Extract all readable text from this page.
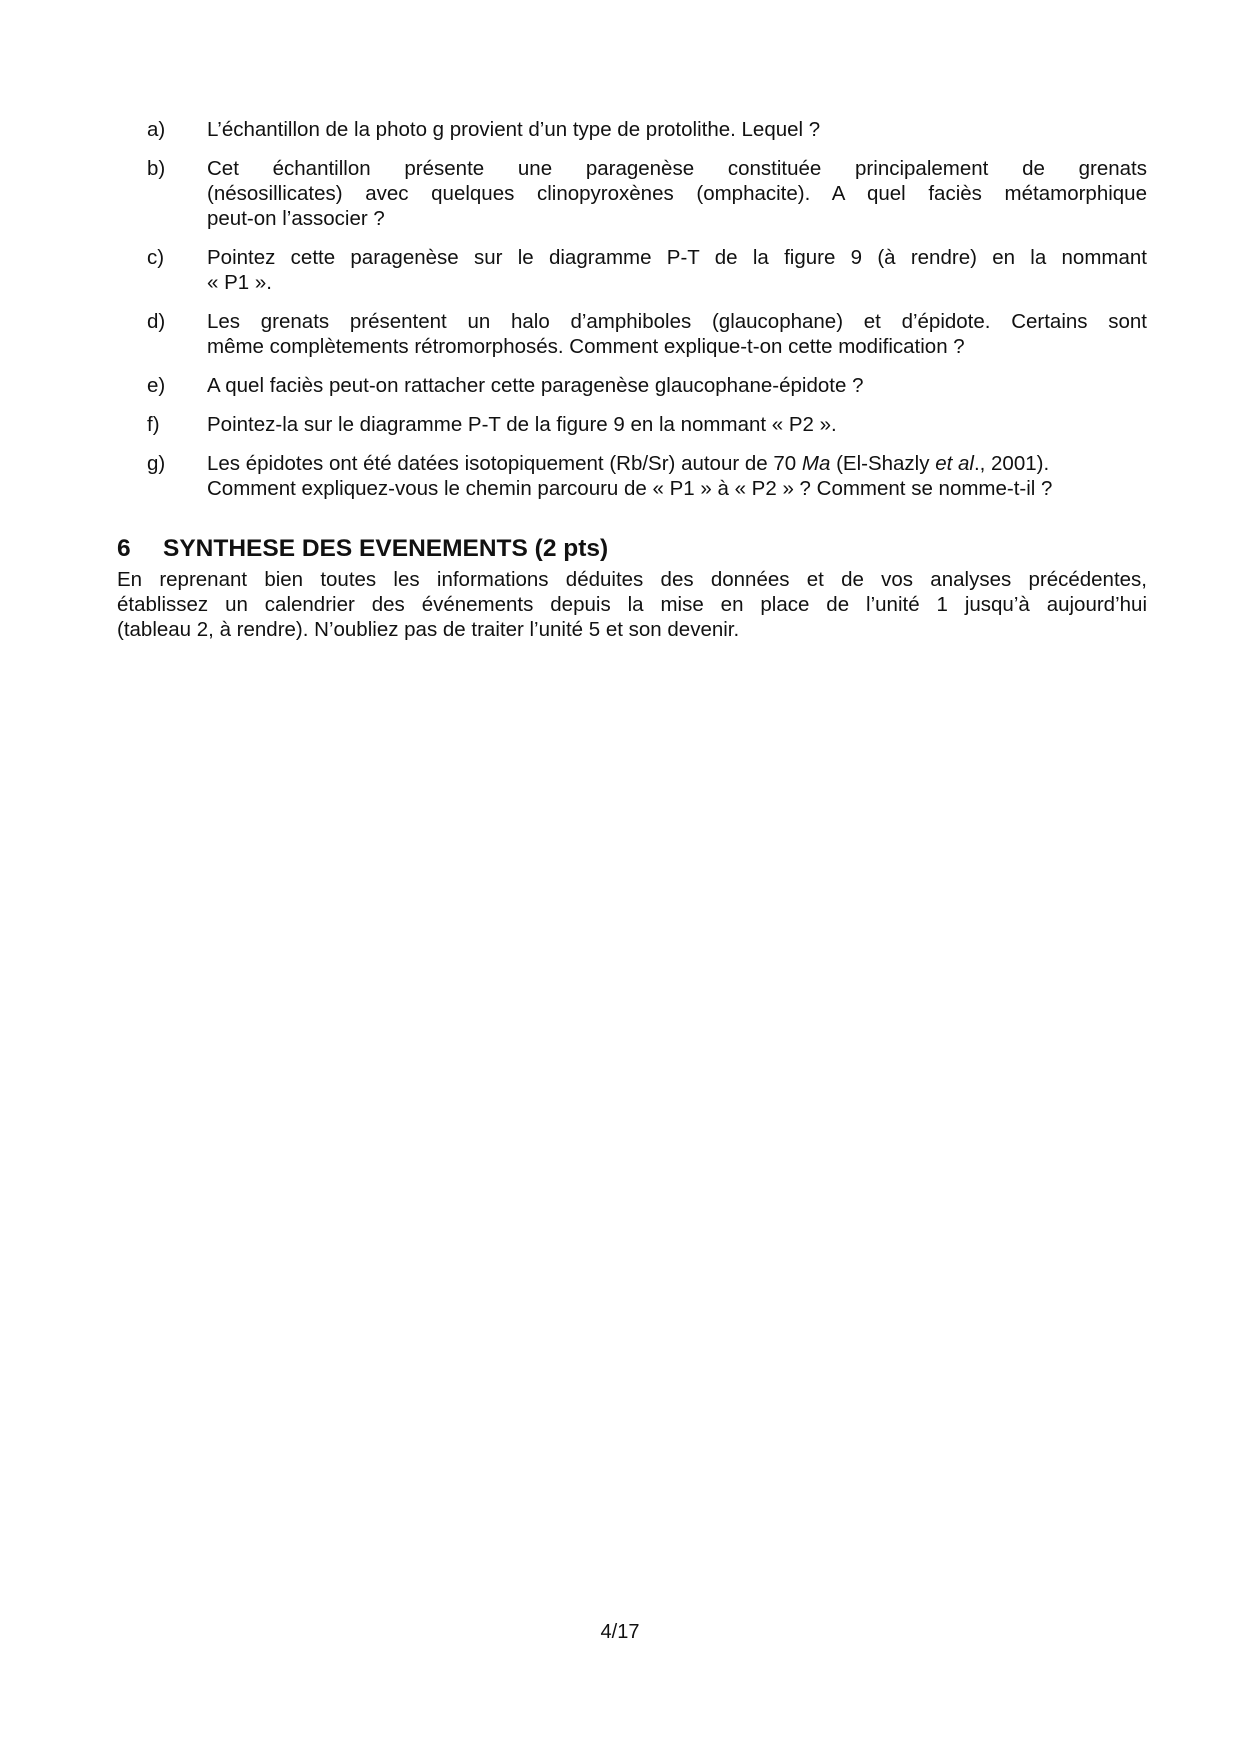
a)	L’échantillon de la photo g provient d’un type de protolithe. Lequel ?
b)	Cet échantillon présente une paragenèse constituée principalement de grenats
(nésosillicates) avec quelques clinopyroxènes (omphacite). A quel faciès métamorphique
peut-on l’associer ?
c)	Pointez cette paragenèse sur le diagramme P-T de la figure 9 (à rendre) en la nommant
« P1 ».
d)	Les grenats présentent un halo d’amphiboles (glaucophane) et d’épidote. Certains sont
même complètements rétromorphosés. Comment explique-t-on cette modification ?
e)	A quel faciès peut-on rattacher cette paragenèse glaucophane-épidote ?
f)	Pointez-la sur le diagramme P-T de la figure 9 en la nommant « P2 ».
g)	Les épidotes ont été datées isotopiquement (Rb/Sr) autour de 70 Ma (El-Shazly et al., 2001).
Comment expliquez-vous le chemin parcouru de « P1 » à « P2 » ? Comment se nomme-t-il ?
6	SYNTHESE DES EVENEMENTS (2 pts)
En reprenant bien toutes les informations déduites des données et de vos analyses précédentes,
établissez un calendrier des événements depuis la mise en place de l’unité 1 jusqu’à aujourd’hui
(tableau 2, à rendre). N’oubliez pas de traiter l’unité 5 et son devenir.
4/17
